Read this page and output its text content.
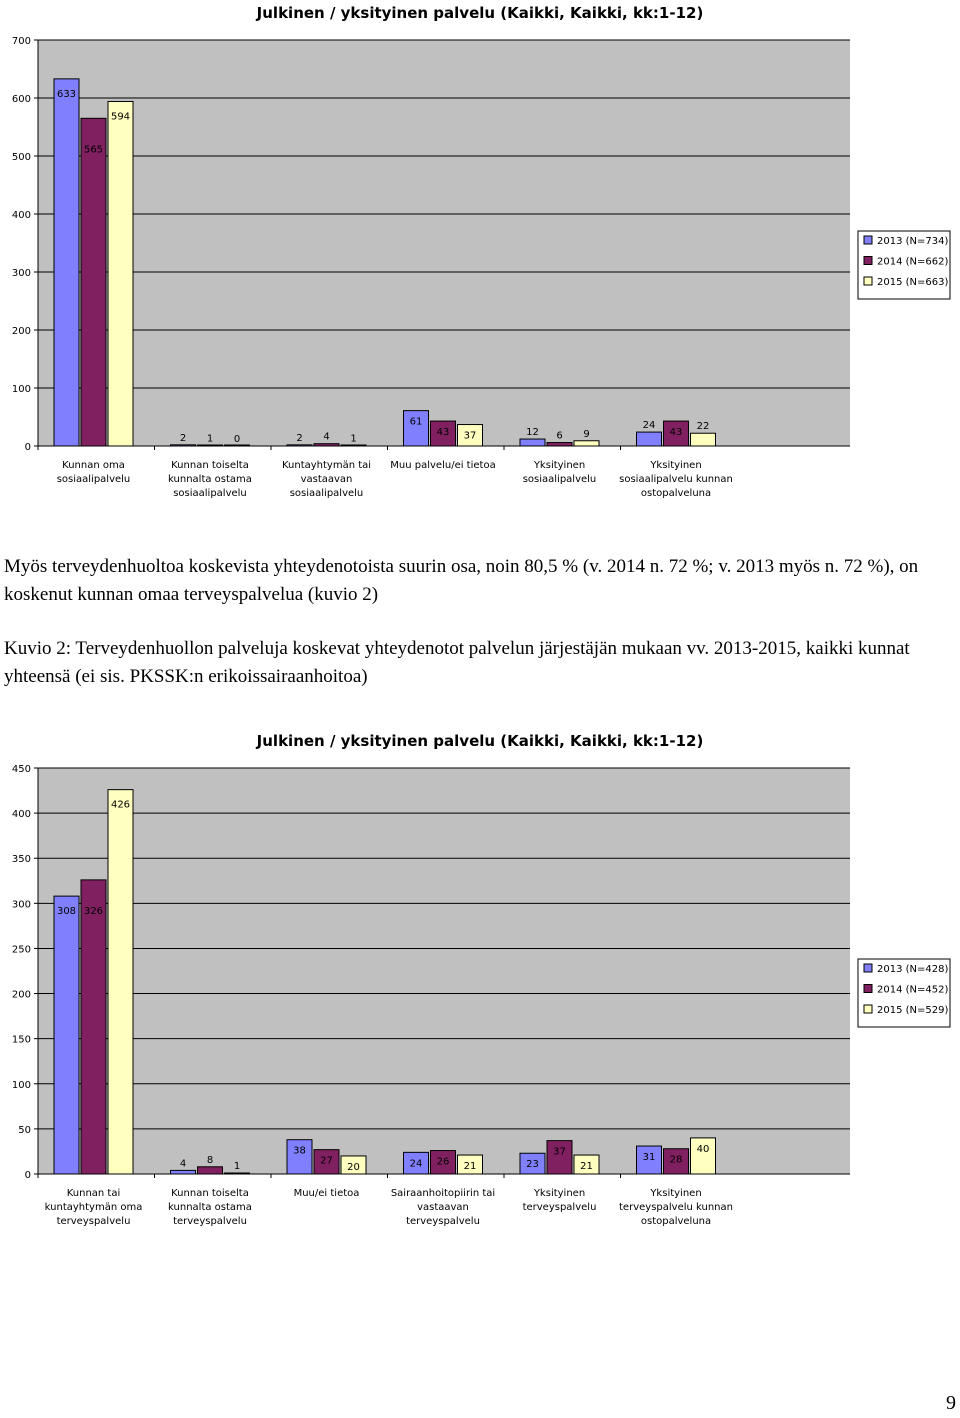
Julkinen / yksityinen palvelu (Kaikki, Kaikki, kk:1-12)
0
100
200
300
400
500
600
700
633
565
594
Kunnan oma sosiaalipalvelu
2 1 0
Kunnan toiselta kunnalta ostama sosiaalipalvelu
2 4 1
Kuntayhtymän tai vastaavan sosiaalipalvelu
61
43 37
Muu palvelu/ei tietoa
12 6 9
Yksityinen sosiaalipalvelu
24
43
22
Yksityinen sosiaalipalvelu kunnan ostopalveluna
2013 (N=734)
2014 (N=662)
2015 (N=663)

Myös terveydenhuoltoa koskevista yhteydenotoista suurin osa, noin 80,5 % (v. 2014 n. 72 %; v. 2013 myös n. 72 %), on koskenut kunnan omaa terveyspalvelua (kuvio 2)

Kuvio 2: Terveydenhuollon palveluja koskevat yhteydenotot palvelun järjestäjän mukaan vv. 2013-2015, kaikki kunnat yhteensä (ei sis. PKSSK:n erikoissairaanhoitoa)

Julkinen / yksityinen palvelu (Kaikki, Kaikki, kk:1-12)
0
50
100
150
200
250
300
350
400
450
308 326
426
Kunnan tai kuntayhtymän oma terveyspalvelu
4 8
1
Kunnan toiselta kunnalta ostama terveyspalvelu
38
27
20
Muu/ei tietoa
24 26 21
Sairaanhoitopiirin tai vastaavan terveyspalvelu
23
37
21
Yksityinen terveyspalvelu
31 28
40
Yksityinen terveyspalvelu kunnan ostopalveluna
2013 (N=428)
2014 (N=452)
2015 (N=529)
9
